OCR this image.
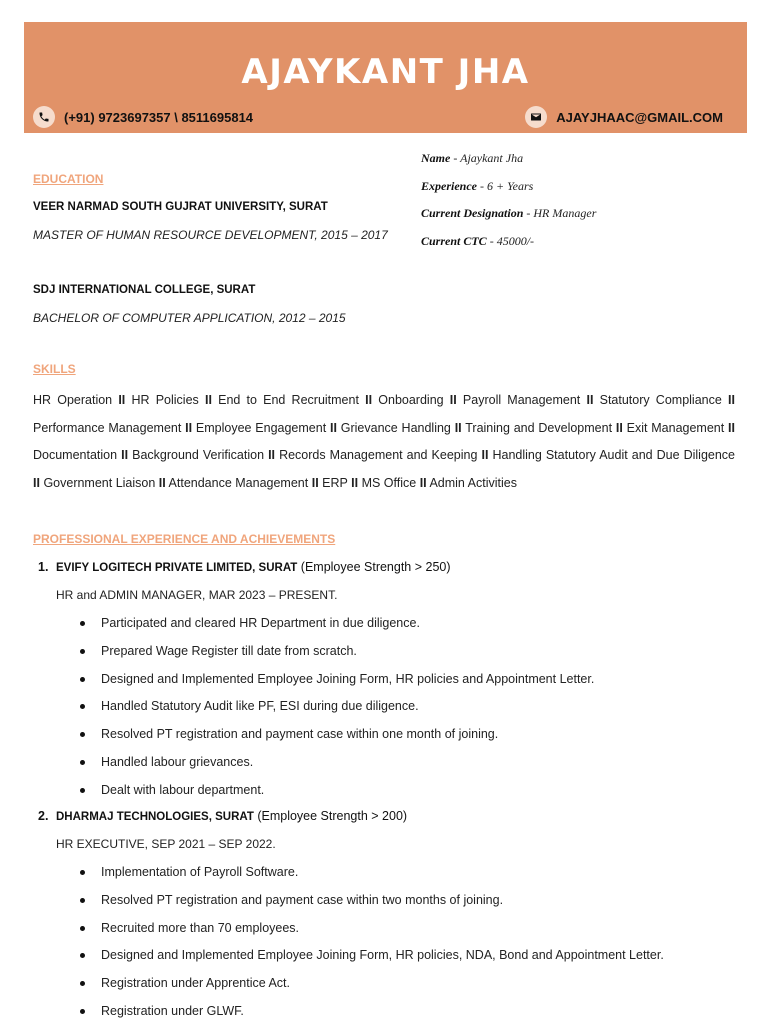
AJAYKANT JHA
(+91) 9723697357 \ 8511695814	AJAYJHAAC@GMAIL.COM
Name - Ajaykant Jha
Experience - 6 + Years
Current Designation - HR Manager
Current CTC - 45000/-
EDUCATION
VEER NARMAD SOUTH GUJRAT UNIVERSITY, SURAT
MASTER OF HUMAN RESOURCE DEVELOPMENT, 2015 – 2017
SDJ INTERNATIONAL COLLEGE, SURAT
BACHELOR OF COMPUTER APPLICATION, 2012 – 2015
SKILLS
HR Operation II HR Policies II End to End Recruitment II Onboarding II Payroll Management II Statutory Compliance II Performance Management II Employee Engagement II Grievance Handling II Training and Development II Exit Management II Documentation II Background Verification II Records Management and Keeping II Handling Statutory Audit and Due Diligence II Government Liaison II Attendance Management II ERP II MS Office II Admin Activities
PROFESSIONAL EXPERIENCE AND ACHIEVEMENTS
1. EVIFY LOGITECH PRIVATE LIMITED, SURAT (Employee Strength > 250)
HR and ADMIN MANAGER, MAR 2023 – PRESENT.
Participated and cleared HR Department in due diligence.
Prepared Wage Register till date from scratch.
Designed and Implemented Employee Joining Form, HR policies and Appointment Letter.
Handled Statutory Audit like PF, ESI during due diligence.
Resolved PT registration and payment case within one month of joining.
Handled labour grievances.
Dealt with labour department.
2. DHARMAJ TECHNOLOGIES, SURAT (Employee Strength > 200)
HR EXECUTIVE, SEP 2021 – SEP 2022.
Implementation of Payroll Software.
Resolved PT registration and payment case within two months of joining.
Recruited more than 70 employees.
Designed and Implemented Employee Joining Form, HR policies, NDA, Bond and Appointment Letter.
Registration under Apprentice Act.
Registration under GLWF.
